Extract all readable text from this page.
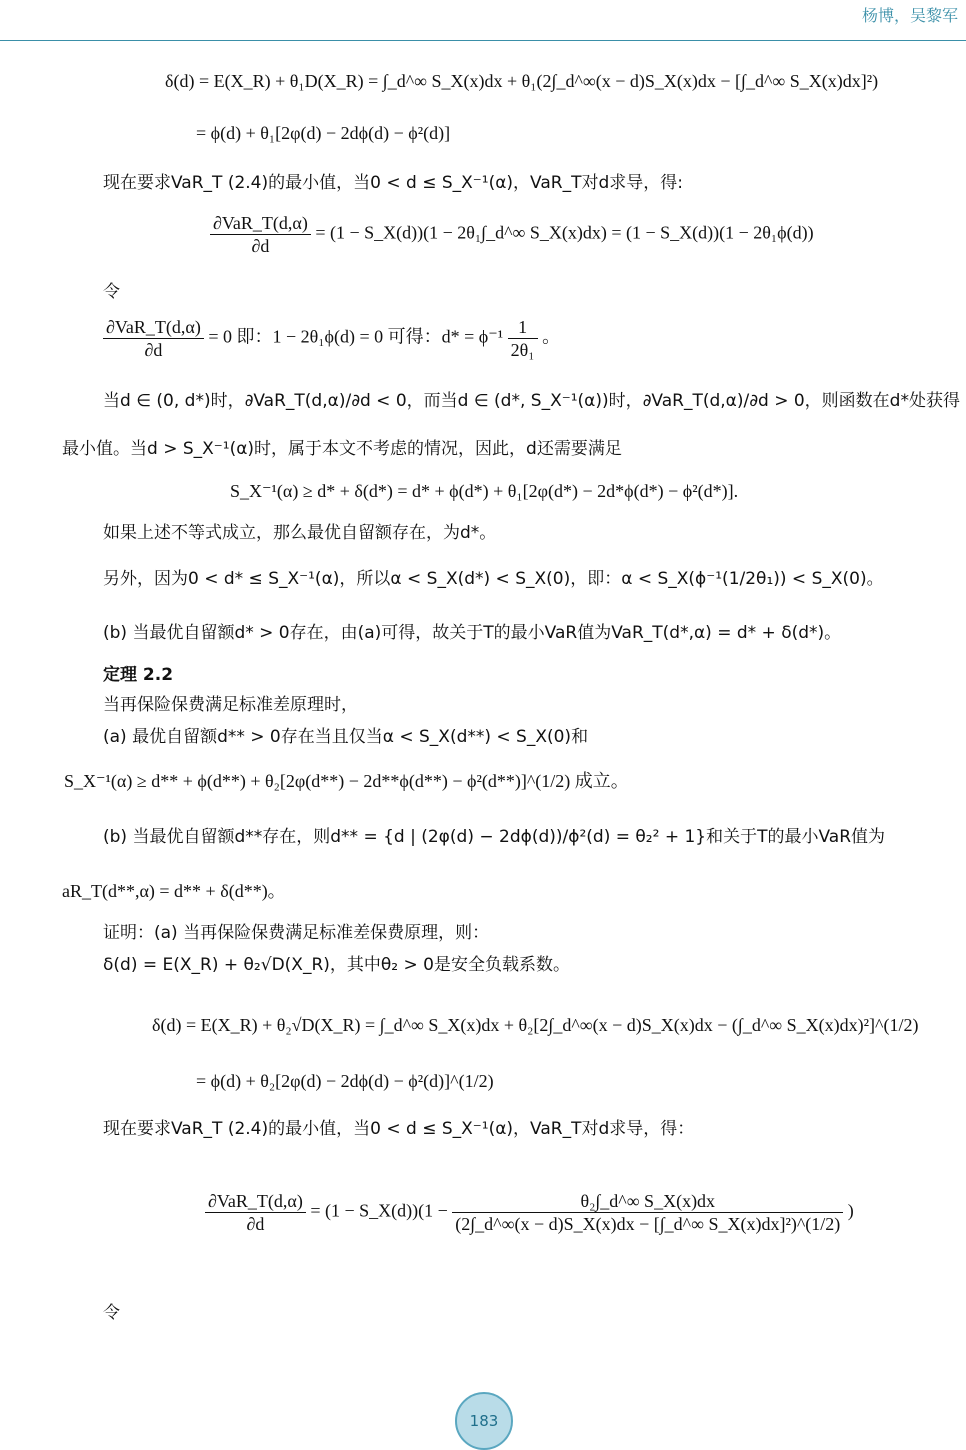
杨博，吴黎军
δ(d) = E(X_R) + θ₁D(X_R) = ∫_d^∞ S_X(x)dx + θ₁(2∫_d^∞(x − d)S_X(x)dx − [∫_d^∞ S_X(x)dx]²)
= ϕ(d) + θ₁[2φ(d) − 2dϕ(d) − ϕ²(d)]
现在要求VaR_T (2.4)的最小值，当0 < d ≤ S_X⁻¹(α)，VaR_T对d求导，得:
$\frac{\text{∂VaR\_T(d,α)}}{\partial d} = (1$ − S_X(d))(1 − 2θ₁∫_d^∞ S_X(x)dx) = (1 − S_X(d))(1 − 2θ₁ϕ(d))
令
$\frac{\text{∂VaR\_T(d,α)}}{\partial d} = 0$ 即：1 − 2θ₁ϕ(d) = 0 可得：$d* = \phi^{-1} \frac{1}{\text{2θ₁}}$ 。
当d ∈ (0, d*)时，∂VaR_T(d,α)/∂d < 0，而当d ∈ (d*, S_X⁻¹(α))时，∂VaR_T(d,α)/∂d > 0，则函数在d*处获得
最小值。当d > S_X⁻¹(α)时，属于本文不考虑的情况，因此，d还需要满足
S_X⁻¹(α) ≥ d* + δ(d*) = d* + ϕ(d*) + θ₁[2φ(d*) − 2d*ϕ(d*) − ϕ²(d*)].
如果上述不等式成立，那么最优自留额存在，为d*。
另外，因为0 < d* ≤ S_X⁻¹(α)，所以α < S_X(d*) < S_X(0)，即：α < S_X(ϕ⁻¹(1/2θ₁)) < S_X(0)。
(b) 当最优自留额d* > 0存在，由(a)可得，故关于T的最小VaR值为VaR_T(d*,α) = d* + δ(d*)。
定理 2.2
当再保险保费满足标准差原理时，
(a) 最优自留额d** > 0存在当且仅当α < S_X(d**) < S_X(0)和
S_X⁻¹(α) ≥ d** + ϕ(d**) + θ₂[2φ(d**) − 2d**ϕ(d**) − ϕ²(d**)]^(1/2) 成立。
(b) 当最优自留额d**存在，则d** = {d | (2φ(d) − 2dϕ(d))/ϕ²(d) = θ₂² + 1}和关于T的最小VaR值为
aR_T(d**,α) = d** + δ(d**)。
证明：(a) 当再保险保费满足标准差保费原理，则：
δ(d) = E(X_R) + θ₂√D(X_R)，其中θ₂ > 0是安全负载系数。
δ(d) = E(X_R) + θ₂√D(X_R) = ∫_d^∞ S_X(x)dx + θ₂[2∫_d^∞(x − d)S_X(x)dx − (∫_d^∞ S_X(x)dx)²]^(1/2)
= ϕ(d) + θ₂[2φ(d) − 2dϕ(d) − ϕ²(d)]^(1/2)
现在要求VaR_T (2.4)的最小值，当0 < d ≤ S_X⁻¹(α)，VaR_T对d求导，得：
$\frac{\text{∂VaR\_T(d,α)}}{\partial d} = (1$ − S_X(d))(1 − $\frac{\text{θ₂∫\_d\textasciicircum{}∞ S\_X(x)dx}}{\text{(2∫\_d\textasciicircum{}∞(x − d)S\_X(x)dx − [∫\_d\textasciicircum{}∞ S\_X(x)dx]²)\textasciicircum{}(1/2)}}$ )
令
183
